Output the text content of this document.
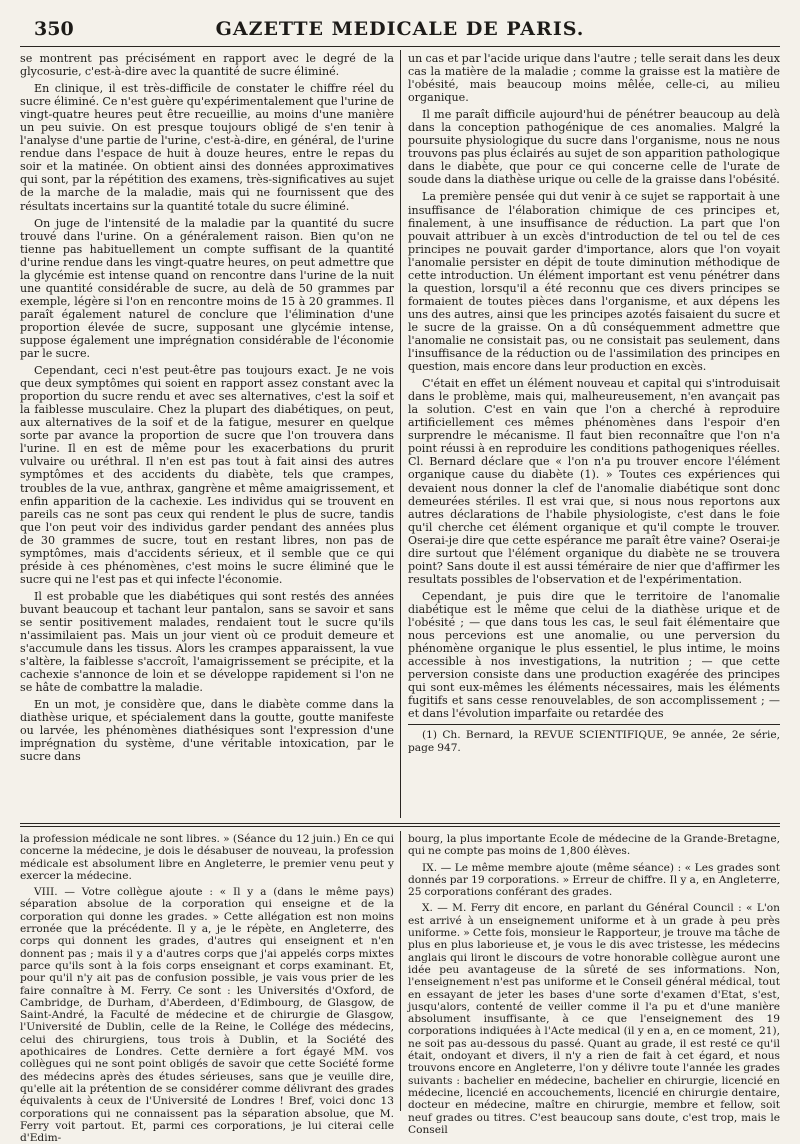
350	GAZETTE MEDICALE DE PARIS.

se montrent pas précisément en rapport avec le degré de la glycosurie, c'est-à-dire avec la quantité de sucre éliminé.

En clinique, il est très-difficile de constater le chiffre réel du sucre éliminé. Ce n'est guère qu'expérimentalement que l'urine de vingt-quatre heures peut être recueillie, au moins d'une manière un peu suivie. On est presque toujours obligé de s'en tenir à l'analyse d'une partie de l'urine, c'est-à-dire, en général, de l'urine rendue dans l'espace de huit à douze heures, entre le repas du soir et la matinée. On obtient ainsi des données approximatives qui sont, par la répétition des examens, très-significatives au sujet de la marche de la maladie, mais qui ne fournissent que des résultats incertains sur la quantité totale du sucre éliminé.

On juge de l'intensité de la maladie par la quantité du sucre trouvé dans l'urine. On a généralement raison. Bien qu'on ne tienne pas habituellement un compte suffisant de la quantité d'urine rendue dans les vingt-quatre heures, on peut admettre que la glycémie est intense quand on rencontre dans l'urine de la nuit une quantité considérable de sucre, au delà de 50 grammes par exemple, légère si l'on en rencontre moins de 15 à 20 grammes. Il paraît également naturel de conclure que l'élimination d'une proportion élevée de sucre, supposant une glycémie intense, suppose également une imprégnation considérable de l'économie par le sucre.

Cependant, ceci n'est peut-être pas toujours exact. Je ne vois que deux symptômes qui soient en rapport assez constant avec la proportion du sucre rendu et avec ses alternatives, c'est la soif et la faiblesse musculaire. Chez la plupart des diabétiques, on peut, aux alternatives de la soif et de la fatigue, mesurer en quelque sorte par avance la proportion de sucre que l'on trouvera dans l'urine. Il en est de même pour les exacerbations du prurit vulvaire ou uréthral. Il n'en est pas tout à fait ainsi des autres symptômes et des accidents du diabète, tels que crampes, troubles de la vue, anthrax, gangrène et même amaigrissement, et enfin apparition de la cachexie. Les individus qui se trouvent en pareils cas ne sont pas ceux qui rendent le plus de sucre, tandis que l'on peut voir des individus garder pendant des années plus de 30 grammes de sucre, tout en restant libres, non pas de symptômes, mais d'accidents sérieux, et il semble que ce qui préside à ces phénomènes, c'est moins le sucre éliminé que le sucre qui ne l'est pas et qui infecte l'économie.

Il est probable que les diabétiques qui sont restés des années buvant beaucoup et tachant leur pantalon, sans se savoir et sans se sentir positivement malades, rendaient tout le sucre qu'ils n'assimilaient pas. Mais un jour vient où ce produit demeure et s'accumule dans les tissus. Alors les crampes apparaissent, la vue s'altère, la faiblesse s'accroît, l'amaigrissement se précipite, et la cachexie s'annonce de loin et se développe rapidement si l'on ne se hâte de combattre la maladie.

En un mot, je considère que, dans le diabète comme dans la diathèse urique, et spécialement dans la goutte, goutte manifeste ou larvée, les phénomènes diathésiques sont l'expression d'une imprégnation du système, d'une véritable intoxication, par le sucre dans

un cas et par l'acide urique dans l'autre ; telle serait dans les deux cas la matière de la maladie ; comme la graisse est la matière de l'obésité, mais beaucoup moins mêlée, celle-ci, au milieu organique.

Il me paraît difficile aujourd'hui de pénétrer beaucoup au delà dans la conception pathogénique de ces anomalies. Malgré la poursuite physiologique du sucre dans l'organisme, nous ne nous trouvons pas plus éclairés au sujet de son apparition pathologique dans le diabète, que pour ce qui concerne celle de l'urate de soude dans la diathèse urique ou celle de la graisse dans l'obésité.

La première pensée qui dut venir à ce sujet se rapportait à une insuffisance de l'élaboration chimique de ces principes et, finalement, à une insuffisance de réduction. La part que l'on pouvait attribuer à un excès d'introduction de tel ou tel de ces principes ne pouvait garder d'importance, alors que l'on voyait l'anomalie persister en dépit de toute diminution méthodique de cette introduction. Un élément important est venu pénétrer dans la question, lorsqu'il a été reconnu que ces divers principes se formaient de toutes pièces dans l'organisme, et aux dépens les uns des autres, ainsi que les principes azotés faisaient du sucre et le sucre de la graisse. On a dû conséquemment admettre que l'anomalie ne consistait pas, ou ne consistait pas seulement, dans l'insuffisance de la réduction ou de l'assimilation des principes en question, mais encore dans leur production en excès.

C'était en effet un élément nouveau et capital qui s'introduisait dans le problème, mais qui, malheureusement, n'en avançait pas la solution. C'est en vain que l'on a cherché à reproduire artificiellement ces mêmes phénomènes dans l'espoir d'en surprendre le mécanisme. Il faut bien reconnaître que l'on n'a point réussi à en reproduire les conditions pathogeniques réelles. Cl. Bernard déclare que « l'on n'a pu trouver encore l'élément organique cause du diabète (1). » Toutes ces expériences qui devaient nous donner la clef de l'anomalie diabétique sont donc demeurées stériles. Il est vrai que, si nous nous reportons aux autres déclarations de l'habile physiologiste, c'est dans le foie qu'il cherche cet élément organique et qu'il compte le trouver. Oserai-je dire que cette espérance me paraît être vaine? Oserai-je dire surtout que l'élément organique du diabète ne se trouvera point? Sans doute il est aussi téméraire de nier que d'affirmer les resultats possibles de l'observation et de l'expérimentation.

Cependant, je puis dire que le territoire de l'anomalie diabétique est le même que celui de la diathèse urique et de l'obésité ; — que dans tous les cas, le seul fait élémentaire que nous percevions est une anomalie, ou une perversion du phénomène organique le plus essentiel, le plus intime, le moins accessible à nos investigations, la nutrition ; — que cette perversion consiste dans une production exagérée des principes qui sont eux-mêmes les éléments nécessaires, mais les éléments fugitifs et sans cesse renouvelables, de son accomplissement ; — et dans l'évolution imparfaite ou retardée des

(1) Ch. Bernard, la REVUE SCIENTIFIQUE, 9e année, 2e série, page 947.

la profession médicale ne sont libres. » (Séance du 12 juin.) En ce qui concerne la médecine, je dois le désabuser de nouveau, la profession médicale est absolument libre en Angleterre, le premier venu peut y exercer la médecine.

VIII. — Votre collègue ajoute : « Il y a (dans le même pays) séparation absolue de la corporation qui enseigne et de la corporation qui donne les grades. » Cette allégation est non moins erronée que la précédente. Il y a, je le répète, en Angleterre, des corps qui donnent les grades, d'autres qui enseignent et n'en donnent pas ; mais il y a d'autres corps que j'ai appelés corps mixtes parce qu'ils sont à la fois corps enseignant et corps examinant. Et, pour qu'il n'y ait pas de confusion possible, je vais vous prier de les faire connaître à M. Ferry. Ce sont : les Universités d'Oxford, de Cambridge, de Durham, d'Aberdeen, d'Edimbourg, de Glasgow, de Saint-André, la Faculté de médecine et de chirurgie de Glasgow, l'Université de Dublin, celle de la Reine, le Collége des médecins, celui des chirurgiens, tous trois à Dublin, et la Société des apothicaires de Londres. Cette dernière a fort égayé MM. vos collègues qui ne sont point obligés de savoir que cette Société forme des médecins après des études sérieuses, sans que je veuille dire, qu'elle ait la prétention de se considérer comme délivrant des grades équivalents à ceux de l'Université de Londres ! Bref, voici donc 13 corporations qui ne connaissent pas la séparation absolue, que M. Ferry voit partout. Et, parmi ces corporations, je lui citerai celle d'Edim-

bourg, la plus importante Ecole de médecine de la Grande-Bretagne, qui ne compte pas moins de 1,800 élèves.

IX. — Le même membre ajoute (même séance) : « Les grades sont donnés par 19 corporations. » Erreur de chiffre. Il y a, en Angleterre, 25 corporations conférant des grades.

X. — M. Ferry dit encore, en parlant du Général Council : « L'on est arrivé à un enseignement uniforme et à un grade à peu près uniforme. » Cette fois, monsieur le Rapporteur, je trouve ma tâche de plus en plus laborieuse et, je vous le dis avec tristesse, les médecins anglais qui liront le discours de votre honorable collègue auront une idée peu avantageuse de la sûreté de ses informations. Non, l'enseignement n'est pas uniforme et le Conseil général médical, tout en essayant de jeter les bases d'une sorte d'examen d'Etat, s'est, jusqu'alors, contenté de veiller comme il l'a pu et d'une manière absolument insuffisante, à ce que l'enseignement des 19 corporations indiquées à l'Acte medical (il y en a, en ce moment, 21), ne soit pas au-dessous du passé. Quant au grade, il est resté ce qu'il était, ondoyant et divers, il n'y a rien de fait à cet égard, et nous trouvons encore en Angleterre, l'on y délivre toute l'année les grades suivants : bachelier en médecine, bachelier en chirurgie, licencié en médecine, licencié en accouchements, licencié en chirurgie dentaire, docteur en médecine, maître en chirurgie, membre et fellow, soit neuf grades ou titres. C'est beaucoup sans doute, c'est trop, mais le Conseil
